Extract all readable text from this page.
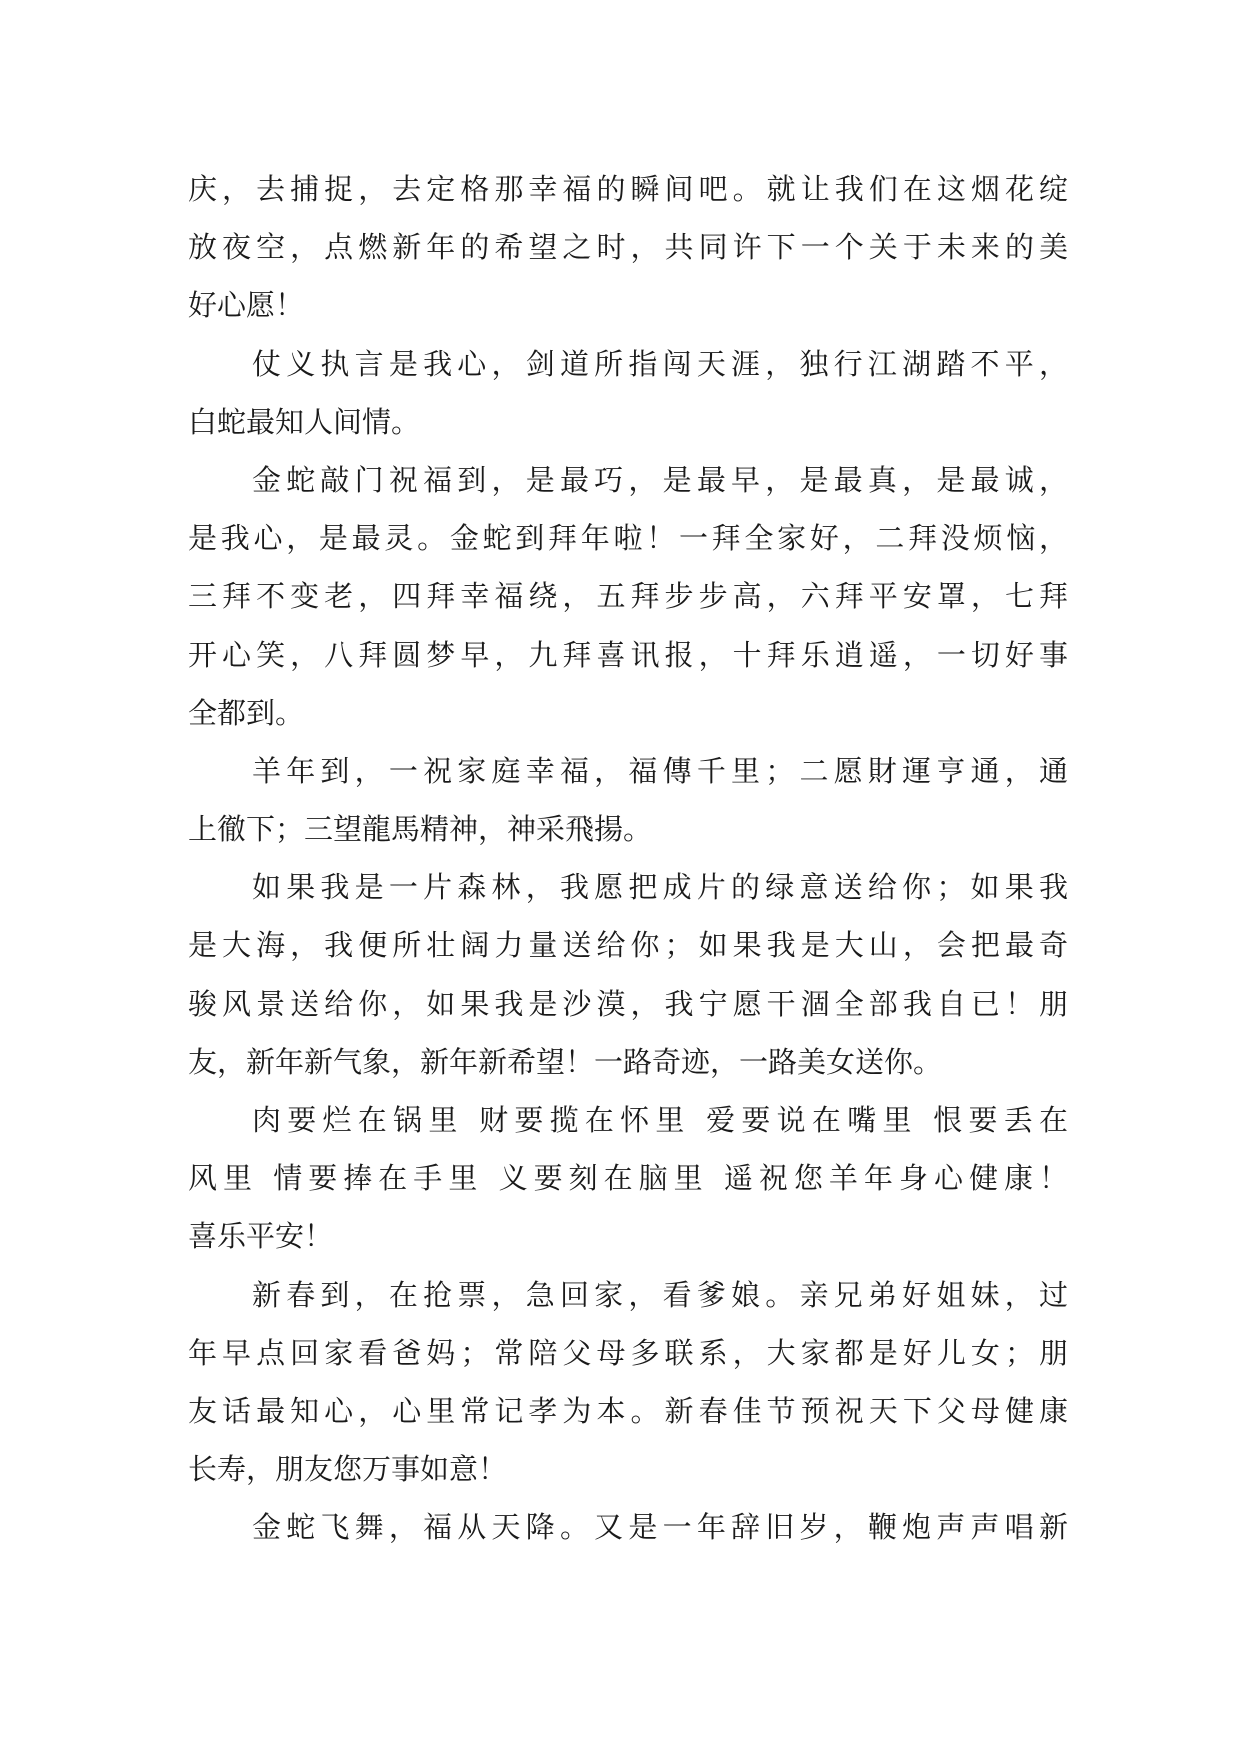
庆，去捕捉，去定格那幸福的瞬间吧。就让我们在这烟花绽
放夜空，点燃新年的希望之时，共同许下一个关于未来的美
好心愿！
仗义执言是我心，剑道所指闯天涯，独行江湖踏不平，
白蛇最知人间情。
金蛇敲门祝福到，是最巧，是最早，是最真，是最诚，
是我心，是最灵。金蛇到拜年啦！一拜全家好，二拜没烦恼，
三拜不变老，四拜幸福绕，五拜步步高，六拜平安罩，七拜
开心笑，八拜圆梦早，九拜喜讯报，十拜乐逍遥，一切好事
全都到。
羊年到，一祝家庭幸福，福傳千里；二愿財運亨通，通
上徹下；三望龍馬精神，神采飛揚。
如果我是一片森林，我愿把成片的绿意送给你；如果我
是大海，我便所壮阔力量送给你；如果我是大山，会把最奇
骏风景送给你，如果我是沙漠，我宁愿干涸全部我自已！朋
友，新年新气象，新年新希望！一路奇迹，一路美女送你。
肉要烂在锅里 财要揽在怀里 爱要说在嘴里 恨要丢在
风里 情要捧在手里 义要刻在脑里 遥祝您羊年身心健康！
喜乐平安！
新春到，在抢票，急回家，看爹娘。亲兄弟好姐妹，过
年早点回家看爸妈；常陪父母多联系，大家都是好儿女；朋
友话最知心，心里常记孝为本。新春佳节预祝天下父母健康
长寿，朋友您万事如意！
金蛇飞舞，福从天降。又是一年辞旧岁，鞭炮声声唱新
